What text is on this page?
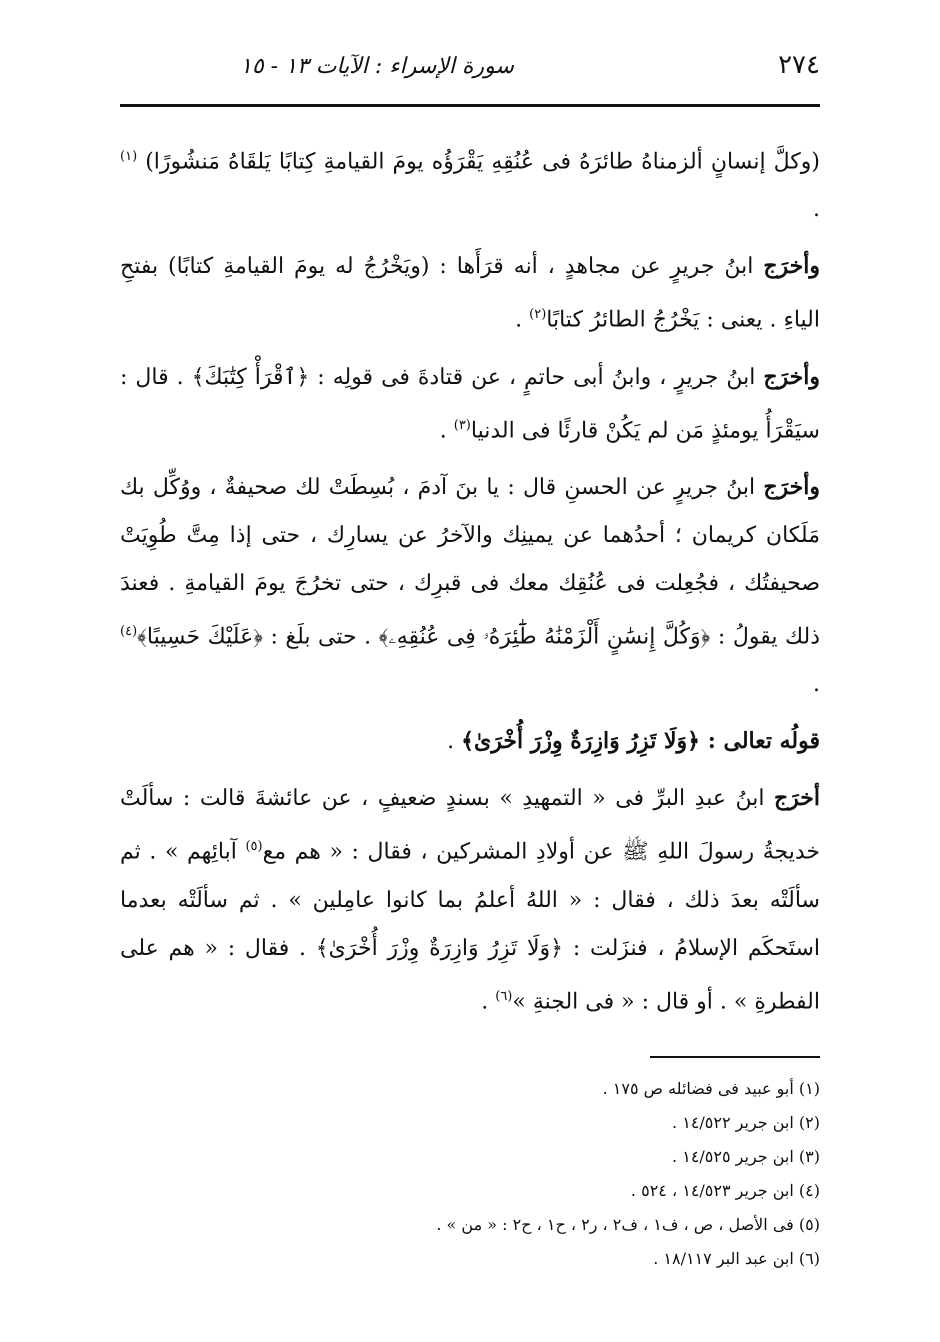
٢٧٤
سورة الإسراء : الآيات ١٣ - ١٥

(وكلَّ إنسانٍ ألزمناهُ طائرَهُ فى عُنُقِهِ يَقْرَؤُه يومَ القيامةِ كِتابًا يَلقَاهُ مَنشُورًا) $^{(١)}$ .

وأخرَج ابنُ جريرٍ عن مجاهدٍ ، أنه قرَأَها : (ويَخْرُجُ له يومَ القيامةِ كتابًا) بفتحِ الياءِ . يعنى : يَخْرُجُ الطائرُ كتابًا$^{(٢)}$ .

وأخرَج ابنُ جريرٍ ، وابنُ أبى حاتمٍ ، عن قتادةَ فى قولِه : ﴿ٱقْرَأْ كِتَٰبَكَ﴾ . قال : سيَقْرَأُ يومئذٍ مَن لم يَكُنْ قارئًا فى الدنيا$^{(٣)}$ .

وأخرَج ابنُ جريرٍ عن الحسنِ قال : يا بنَ آدمَ ، بُسِطَتْ لك صحيفةٌ ، ووُكِّل بك مَلَكان كريمان ؛ أحدُهما عن يمينِك والآخرُ عن يسارِك ، حتى إذا مِتَّ طُوِيَتْ صحيفتُك ، فجُعِلت فى عُنُقِك معك فى قبرِك ، حتى تخرُجَ يومَ القيامةِ . فعندَ ذلك يقولُ : ﴿وَكُلَّ إِنسَٰنٍ أَلْزَمْنَٰهُ طَٰٓئِرَهُۥ فِى عُنُقِهِۦ﴾ . حتى بلَغ : ﴿عَلَيْكَ حَسِيبًا﴾$^{(٤)}$ .

قولُه تعالى : ﴿وَلَا تَزِرُ وَازِرَةٌ وِزْرَ أُخْرَىٰ﴾ .

أخرَج ابنُ عبدِ البرِّ فى « التمهيدِ » بسندٍ ضعيفٍ ، عن عائشةَ قالت : سألَتْ خديجةُ رسولَ اللهِ ﷺ عن أولادِ المشركين ، فقال : « هم مع$^{(٥)}$ آبائِهم » . ثم سألَتْه بعدَ ذلك ، فقال : « اللهُ أعلمُ بما كانوا عامِلين » . ثم سألَتْه بعدما استَحكَم الإسلامُ ، فنزَلت : ﴿وَلَا تَزِرُ وَازِرَةٌ وِزْرَ أُخْرَىٰ﴾ . فقال : « هم على الفطرةِ » . أو قال : « فى الجنةِ »$^{(٦)}$ .

(١) أبو عبيد فى فضائله ص ١٧٥ .

(٢) ابن جرير ١٤/٥٢٢ .

(٣) ابن جرير ١٤/٥٢٥ .

(٤) ابن جرير ١٤/٥٢٣ ، ٥٢٤ .

(٥) فى الأصل ، ص ، ف١ ، ف٢ ، ر٢ ، ح١ ، ح٢ : « من » .

(٦) ابن عبد البر ١٨/١١٧ .
